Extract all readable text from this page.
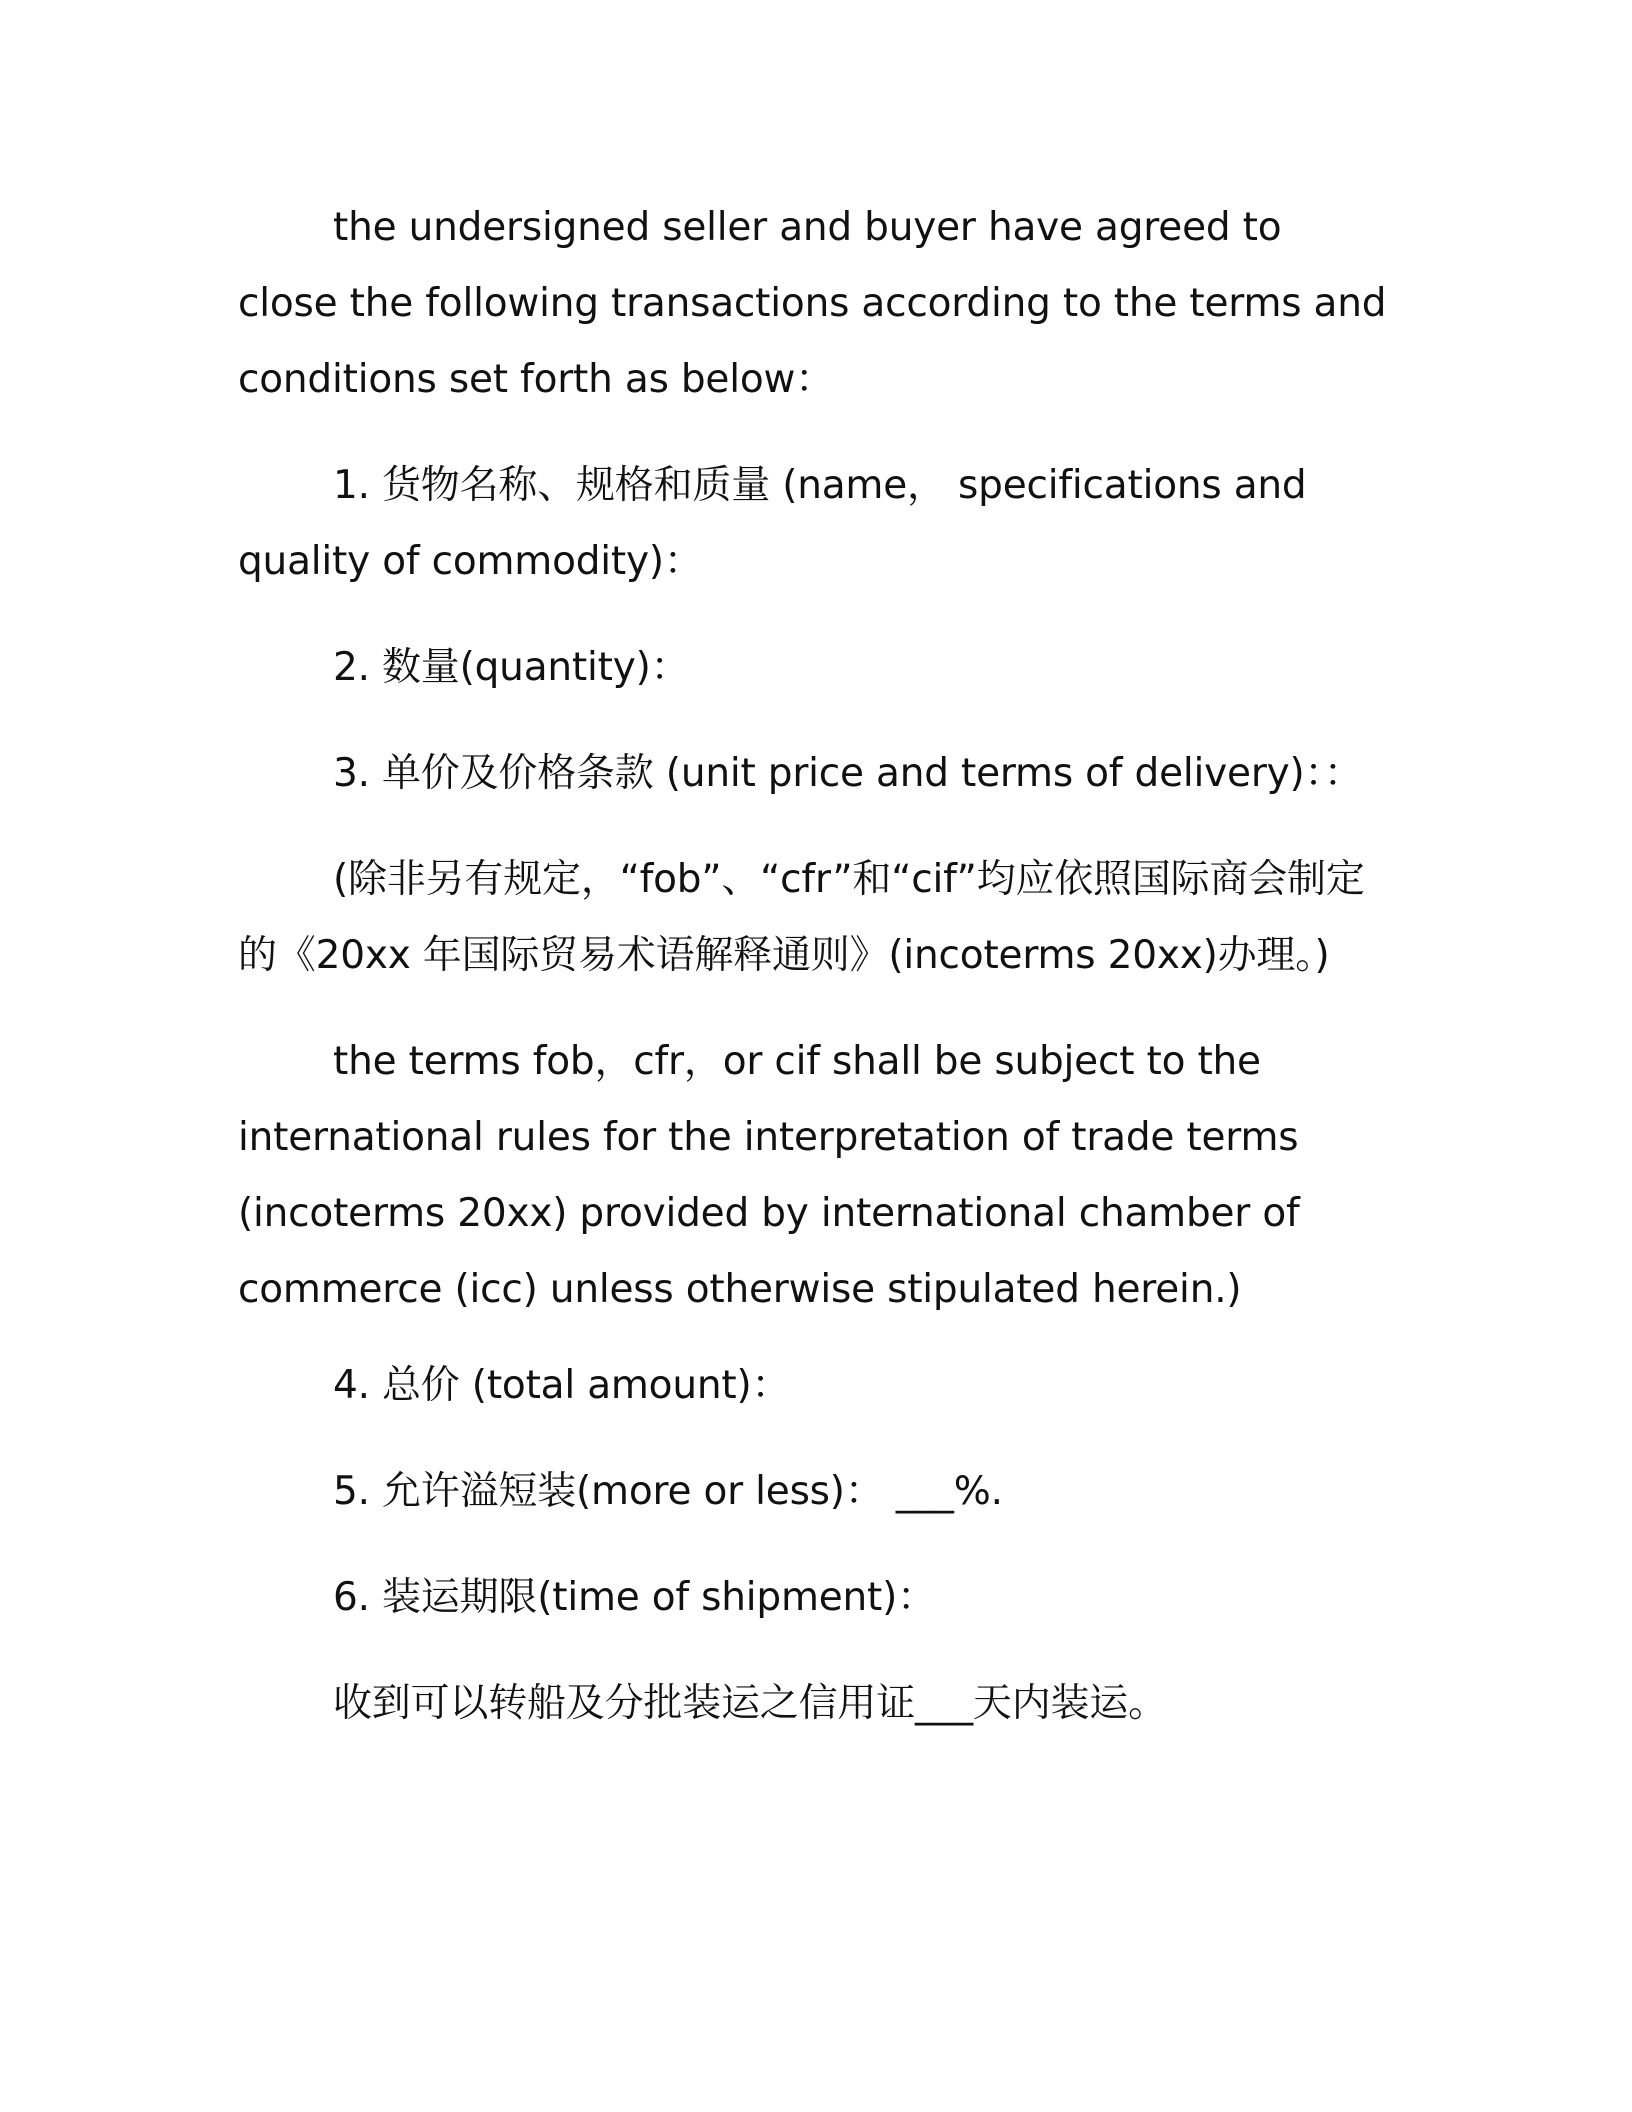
the undersigned seller and buyer have agreed to close the following transactions according to the terms and conditions set forth as below：

1. 货物名称、规格和质量 (name， specifications and quality of commodity)：

2. 数量(quantity)：

3. 单价及价格条款 (unit price and terms of delivery)：：

(除非另有规定，“fob”、“cfr”和“cif”均应依照国际商会制定的《20xx 年国际贸易术语解释通则》(incoterms 20xx)办理。)

the terms fob，cfr，or cif shall be subject to the international rules for the interpretation of trade terms (incoterms 20xx) provided by international chamber of commerce (icc) unless otherwise stipulated herein.)

4. 总价 (total amount)：

5. 允许溢短装(more or less)： ___%.

6. 装运期限(time of shipment)：

收到可以转船及分批装运之信用证___天内装运。
